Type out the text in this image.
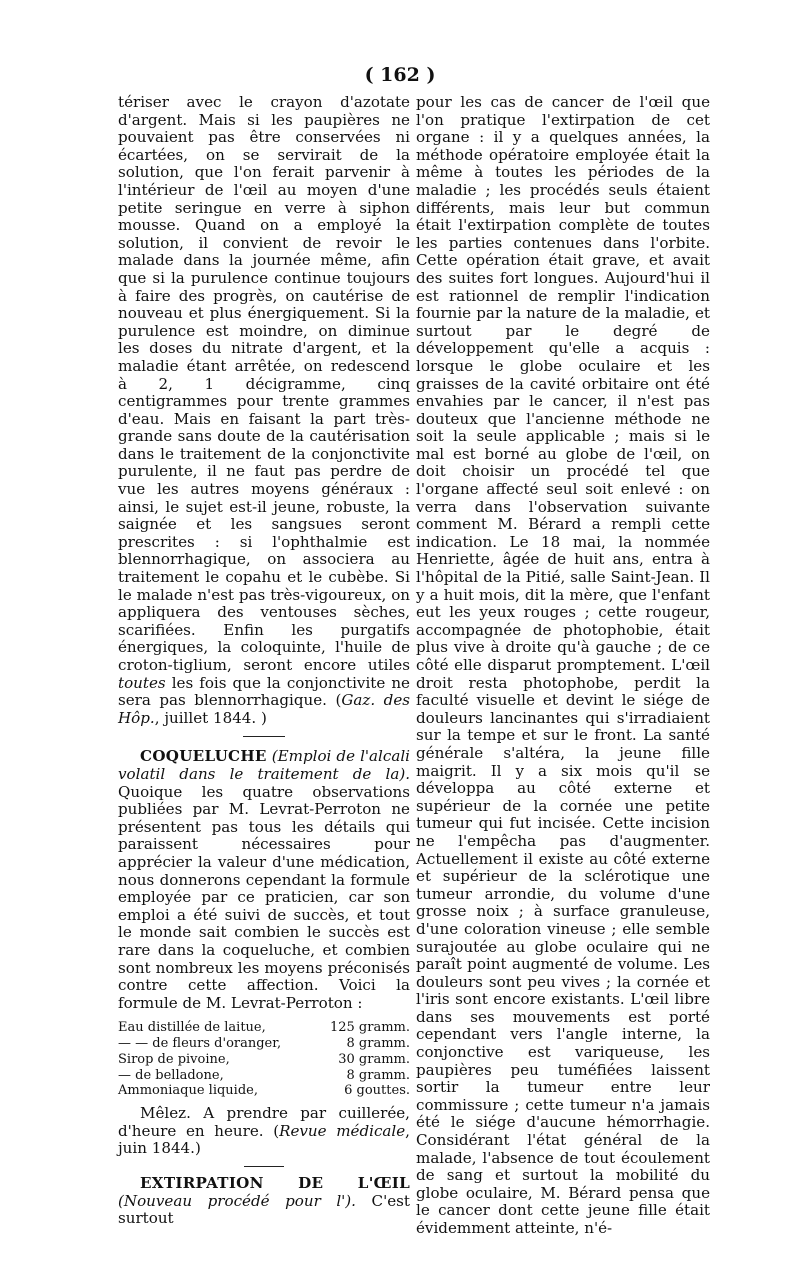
( 162 )

tériser avec le crayon d'azotate d'argent. Mais si les paupières ne pouvaient pas être conservées ni écartées, on se servirait de la solution, que l'on ferait parvenir à l'intérieur de l'œil au moyen d'une petite seringue en verre à siphon mousse. Quand on a employé la solution, il convient de revoir le malade dans la journée même, afin que si la purulence continue toujours à faire des progrès, on cautérise de nouveau et plus énergiquement. Si la purulence est moindre, on diminue les doses du nitrate d'argent, et la maladie étant arrêtée, on redescend à 2, 1 décigramme, cinq centigrammes pour trente grammes d'eau. Mais en faisant la part très-grande sans doute de la cautérisation dans le traitement de la conjonctivite purulente, il ne faut pas perdre de vue les autres moyens généraux : ainsi, le sujet est-il jeune, robuste, la saignée et les sangsues seront prescrites : si l'ophthalmie est blennorrhagique, on associera au traitement le copahu et le cubèbe. Si le malade n'est pas très-vigoureux, on appliquera des ventouses sèches, scarifiées. Enfin les purgatifs énergiques, la coloquinte, l'huile de croton-tiglium, seront encore utiles toutes les fois que la conjonctivite ne sera pas blennorrhagique. (Gaz. des Hôp., juillet 1844. )

COQUELUCHE (Emploi de l'alcali volatil dans le traitement de la). Quoique les quatre observations publiées par M. Levrat-Perroton ne présentent pas tous les détails qui paraissent nécessaires pour apprécier la valeur d'une médication, nous donnerons cependant la formule employée par ce praticien, car son emploi a été suivi de succès, et tout le monde sait combien le succès est rare dans la coqueluche, et combien sont nombreux les moyens préconisés contre cette affection. Voici la formule de M. Levrat-Perroton :

Eau distillée de laitue,	125 gramm.
— — de fleurs d'oranger,	8 gramm.
Sirop de pivoine,	30 gramm.
— de belladone,	8 gramm.
Ammoniaque liquide,	6 gouttes.

Mêlez. A prendre par cuillerée, d'heure en heure. (Revue médicale, juin 1844.)

EXTIRPATION DE L'ŒIL (Nouveau procédé pour l'). C'est surtout

pour les cas de cancer de l'œil que l'on pratique l'extirpation de cet organe : il y a quelques années, la méthode opératoire employée était la même à toutes les périodes de la maladie ; les procédés seuls étaient différents, mais leur but commun était l'extirpation complète de toutes les parties contenues dans l'orbite. Cette opération était grave, et avait des suites fort longues. Aujourd'hui il est rationnel de remplir l'indication fournie par la nature de la maladie, et surtout par le degré de développement qu'elle a acquis : lorsque le globe oculaire et les graisses de la cavité orbitaire ont été envahies par le cancer, il n'est pas douteux que l'ancienne méthode ne soit la seule applicable ; mais si le mal est borné au globe de l'œil, on doit choisir un procédé tel que l'organe affecté seul soit enlevé : on verra dans l'observation suivante comment M. Bérard a rempli cette indication. Le 18 mai, la nommée Henriette, âgée de huit ans, entra à l'hôpital de la Pitié, salle Saint-Jean. Il y a huit mois, dit la mère, que l'enfant eut les yeux rouges ; cette rougeur, accompagnée de photophobie, était plus vive à droite qu'à gauche ; de ce côté elle disparut promptement. L'œil droit resta photophobe, perdit la faculté visuelle et devint le siége de douleurs lancinantes qui s'irradiaient sur la tempe et sur le front. La santé générale s'altéra, la jeune fille maigrit. Il y a six mois qu'il se développa au côté externe et supérieur de la cornée une petite tumeur qui fut incisée. Cette incision ne l'empêcha pas d'augmenter. Actuellement il existe au côté externe et supérieur de la sclérotique une tumeur arrondie, du volume d'une grosse noix ; à surface granuleuse, d'une coloration vineuse ; elle semble surajoutée au globe oculaire qui ne paraît point augmenté de volume. Les douleurs sont peu vives ; la cornée et l'iris sont encore existants. L'œil libre dans ses mouvements est porté cependant vers l'angle interne, la conjonctive est variqueuse, les paupières peu tuméfiées laissent sortir la tumeur entre leur commissure ; cette tumeur n'a jamais été le siége d'aucune hémorrhagie. Considérant l'état général de la malade, l'absence de tout écoulement de sang et surtout la mobilité du globe oculaire, M. Bérard pensa que le cancer dont cette jeune fille était évidemment atteinte, n'é-
